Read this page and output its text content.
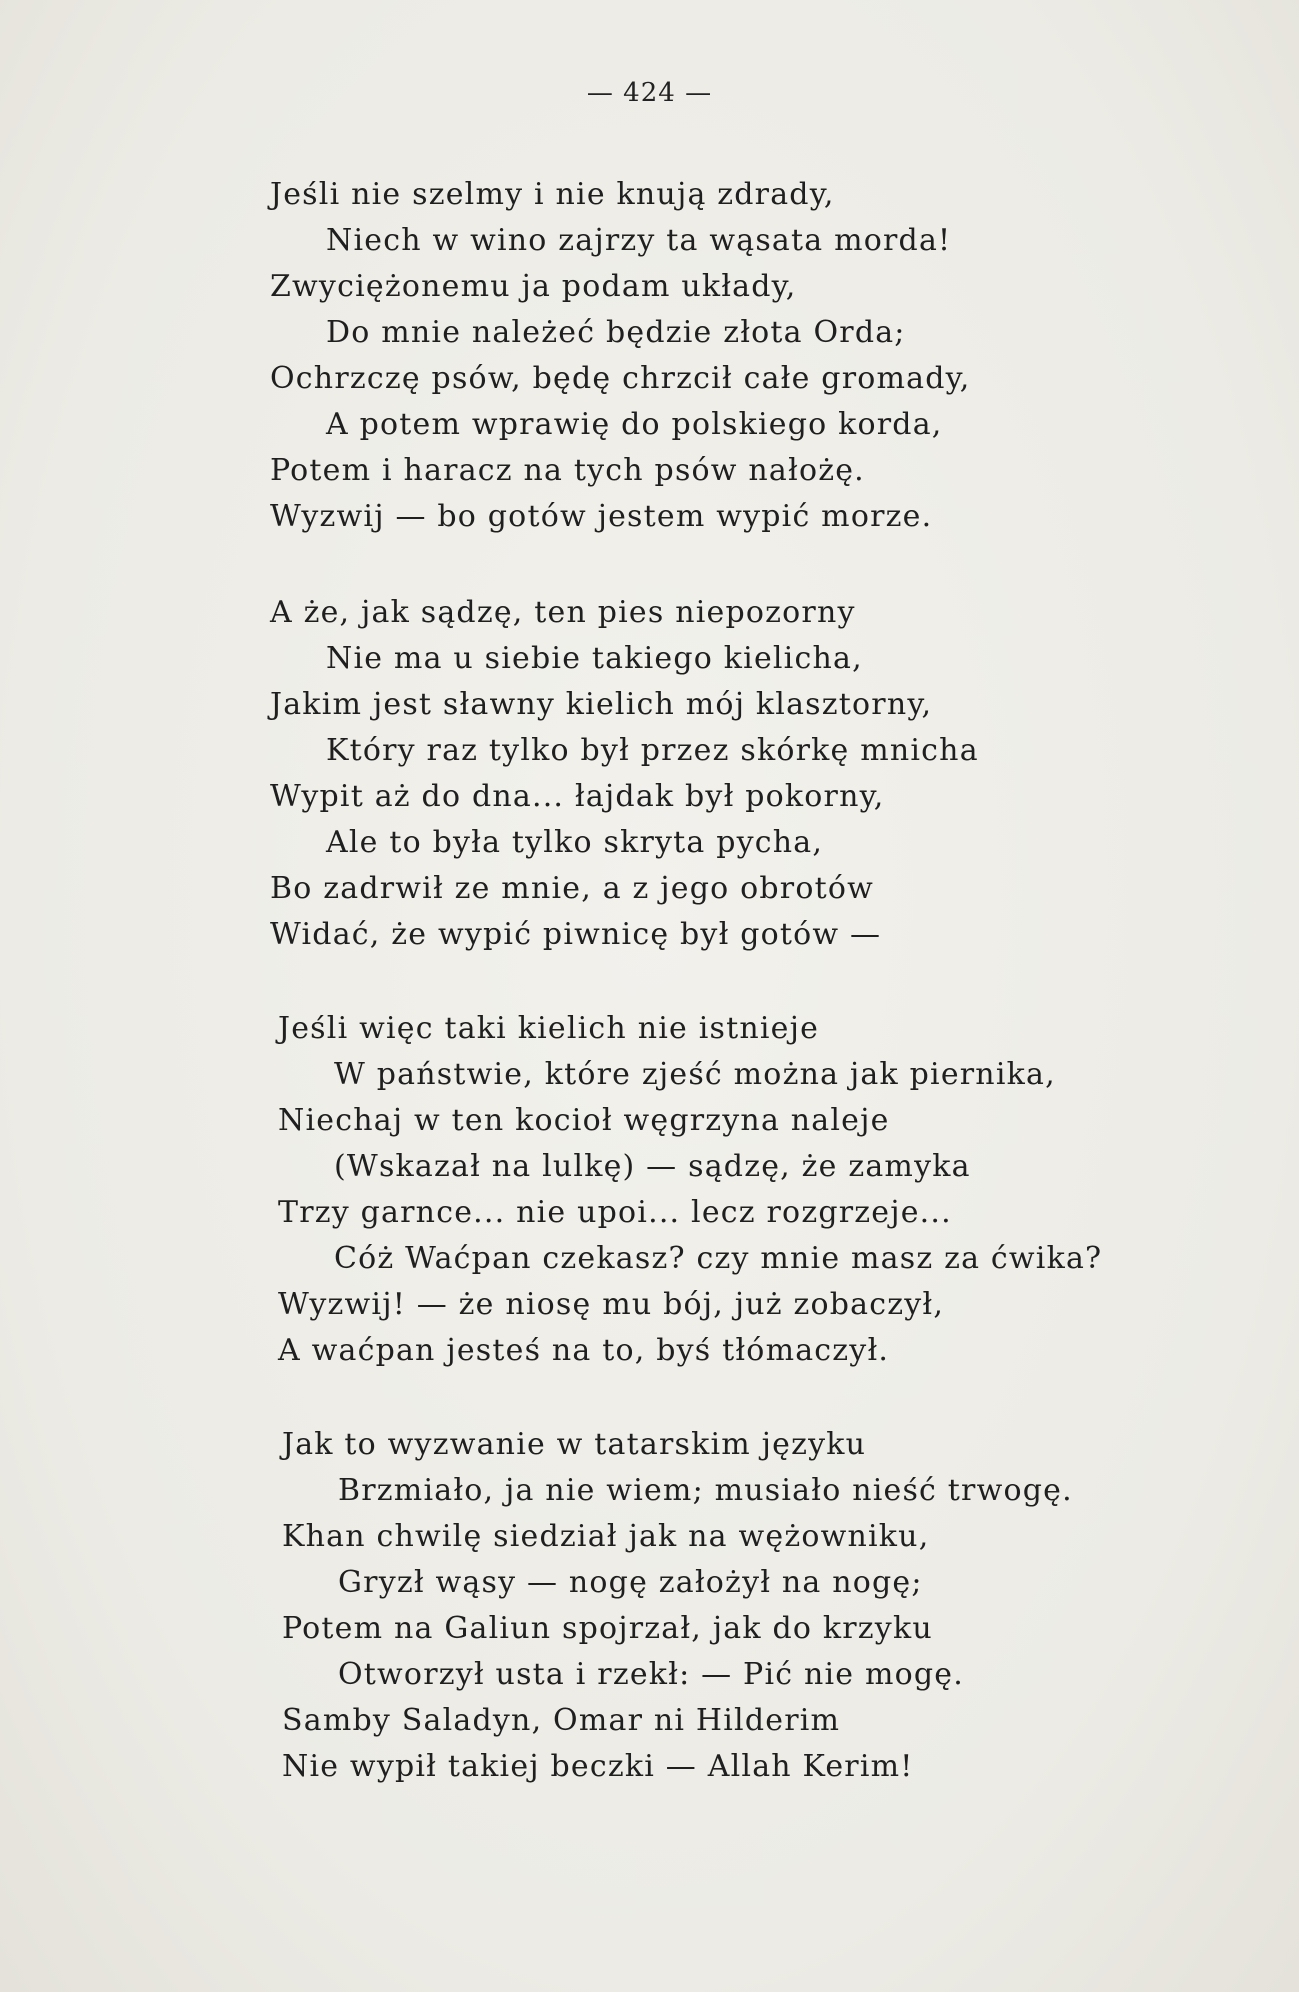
— 424 —
Jeśli nie szelmy i nie knują zdrady,
Niech w wino zajrzy ta wąsata morda!
Zwyciężonemu ja podam układy,
Do mnie należeć będzie złota Orda;
Ochrzczę psów, będę chrzcił całe gromady,
A potem wprawię do polskiego korda,
Potem i haracz na tych psów nałożę.
Wyzwij — bo gotów jestem wypić morze.
A że, jak sądzę, ten pies niepozorny
Nie ma u siebie takiego kielicha,
Jakim jest sławny kielich mój klasztorny,
Który raz tylko był przez skórkę mnicha
Wypit aż do dna... łajdak był pokorny,
Ale to była tylko skryta pycha,
Bo zadrwił ze mnie, a z jego obrotów
Widać, że wypić piwnicę był gotów —
Jeśli więc taki kielich nie istnieje
W państwie, które zjeść można jak piernika,
Niechaj w ten kocioł węgrzyna naleje
(Wskazał na lulkę) — sądzę, że zamyka
Trzy garnce... nie upoi... lecz rozgrzeje...
Cóż Waćpan czekasz? czy mnie masz za ćwika?
Wyzwij! — że niosę mu bój, już zobaczył,
A waćpan jesteś na to, byś tłómaczył.
Jak to wyzwanie w tatarskim języku
Brzmiało, ja nie wiem; musiało nieść trwogę.
Khan chwilę siedział jak na wężowniku,
Gryzł wąsy — nogę założył na nogę;
Potem na Galiun spojrzał, jak do krzyku
Otworzył usta i rzekł: — Pić nie mogę.
Samby Saladyn, Omar ni Hilderim
Nie wypił takiej beczki — Allah Kerim!
